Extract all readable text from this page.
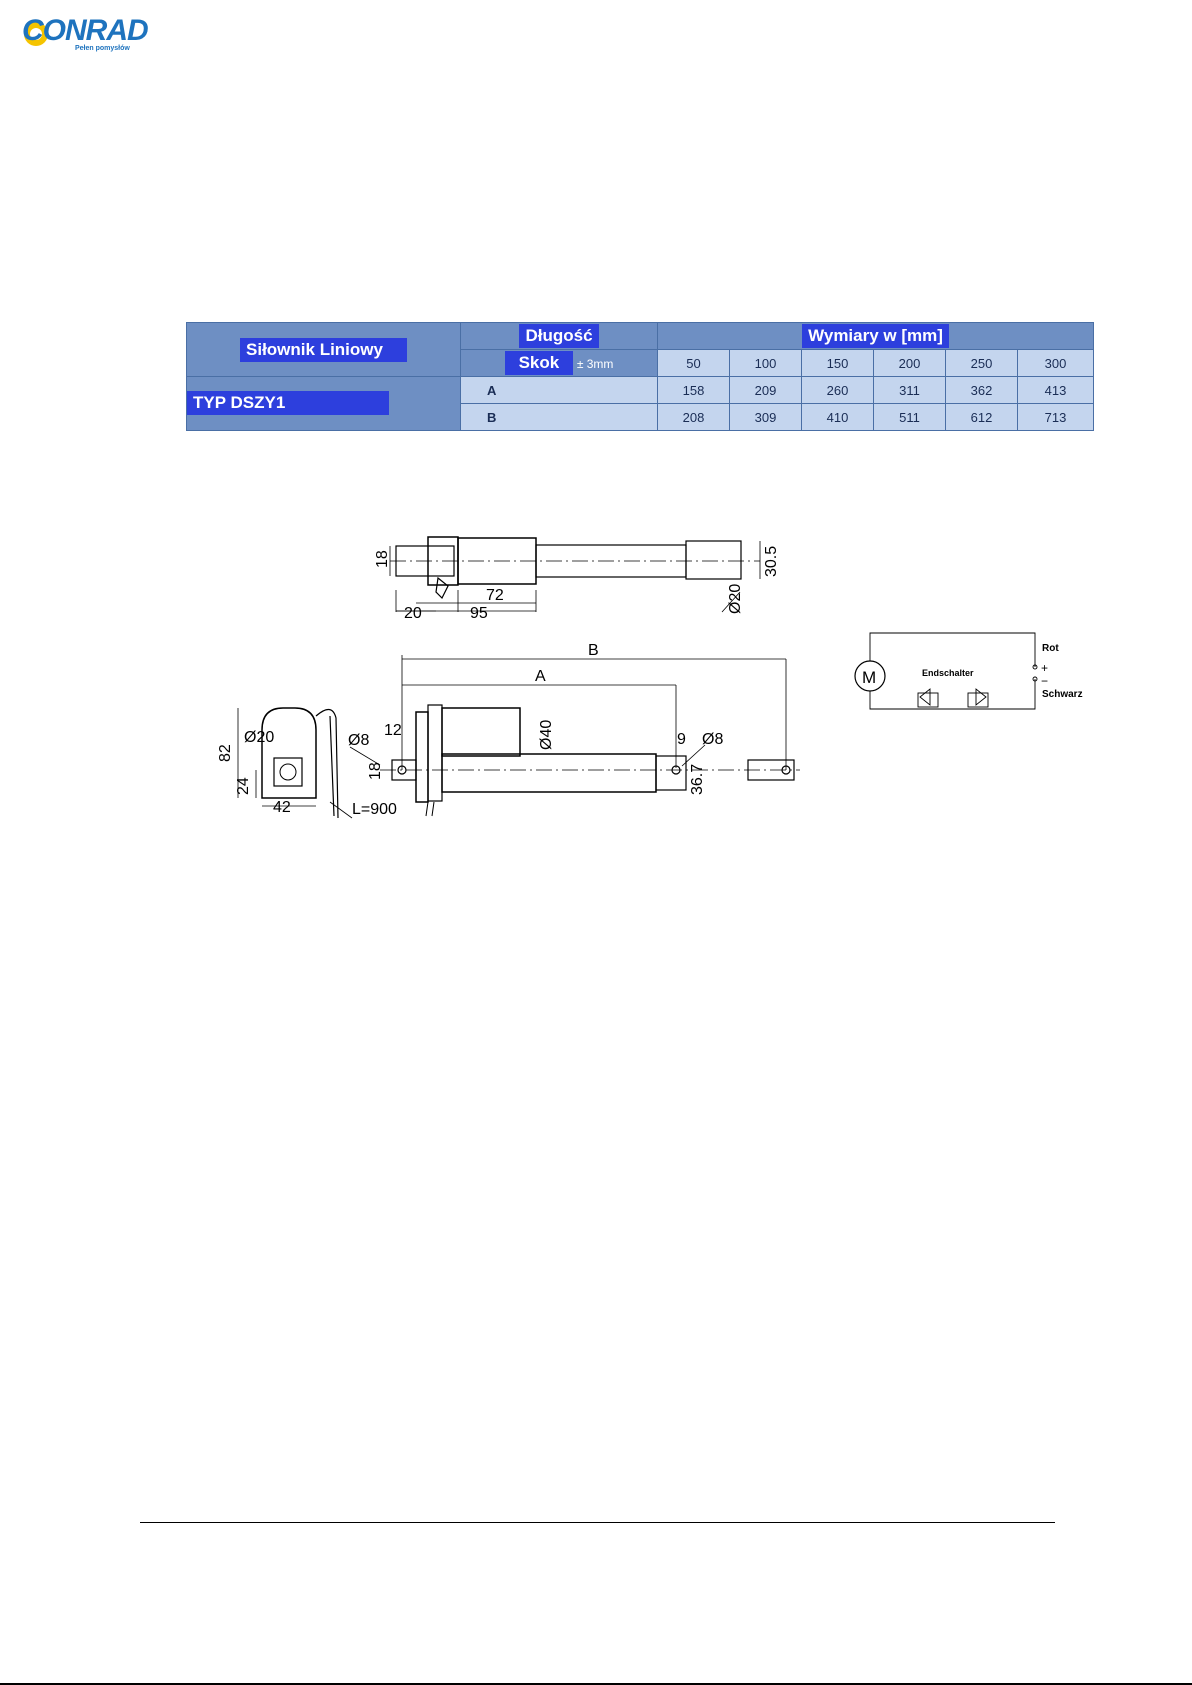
CONRAD
Pełen pomysłów
Siłownik Liniowy	Długość	Wymiary w [mm]					
	Skok ± 3mm	50	100	150	200	250	300
TYP DSZY1	A	158	209	260	311	362	413
	B	208	309	410	511	612	713
18
20
72
95
30.5
Ø20
B
A
Ø8
12	Ø40
18
9 Ø8
36.7
82
Ø20
24
42	L=900
M	Endschalter
Rot
Schwarz
+
−
